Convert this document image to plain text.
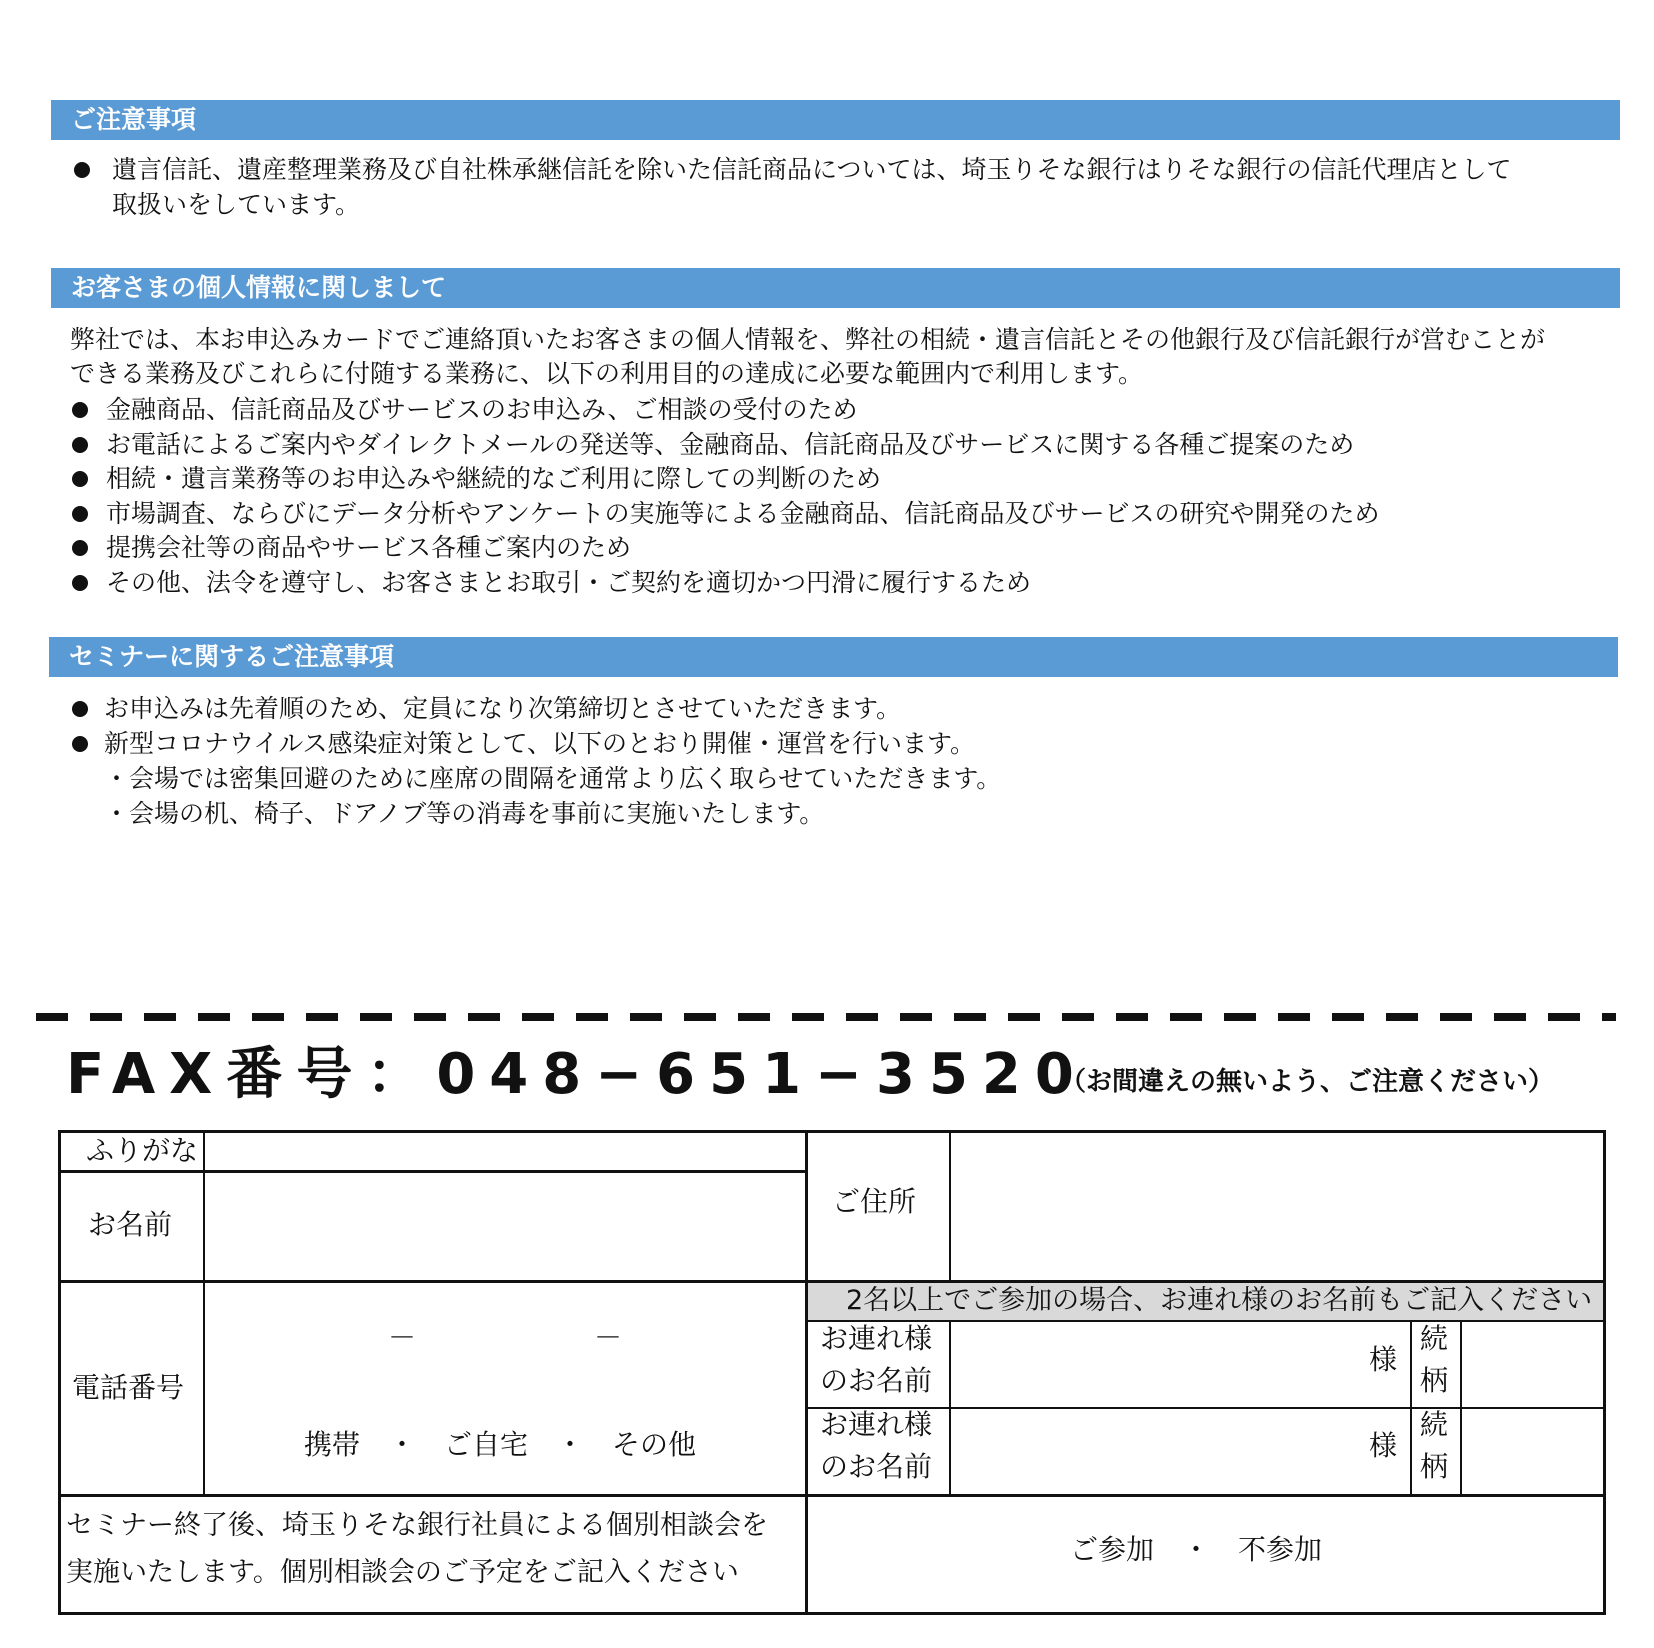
ご注意事項
遺言信託、遺産整理業務及び自社株承継信託を除いた信託商品については、埼玉りそな銀行はりそな銀行の信託代理店として
取扱いをしています。
お客さまの個人情報に関しまして
弊社では、本お申込みカードでご連絡頂いたお客さまの個人情報を、弊社の相続・遺言信託とその他銀行及び信託銀行が営むことが
できる業務及びこれらに付随する業務に、以下の利用目的の達成に必要な範囲内で利用します。
金融商品、信託商品及びサービスのお申込み、ご相談の受付のため
お電話によるご案内やダイレクトメールの発送等、金融商品、信託商品及びサービスに関する各種ご提案のため
相続・遺言業務等のお申込みや継続的なご利用に際しての判断のため
市場調査、ならびにデータ分析やアンケートの実施等による金融商品、信託商品及びサービスの研究や開発のため
提携会社等の商品やサービス各種ご案内のため
その他、法令を遵守し、お客さまとお取引・ご契約を適切かつ円滑に履行するため
セミナーに関するご注意事項
お申込みは先着順のため、定員になり次第締切とさせていただきます。
新型コロナウイルス感染症対策として、以下のとおり開催・運営を行います。
・会場では密集回避のために座席の間隔を通常より広く取らせていただきます。
・会場の机、椅子、ドアノブ等の消毒を事前に実施いたします。
FAX番号：048−651−3520
（お間違えの無いよう、ご注意ください）
2名以上でご参加の場合、お連れ様のお名前もご記入ください
ふりがな
お名前
ご住所
電話番号
－	－
携帯　・　ご自宅　・　その他
お連れ様
のお名前
様
続
柄
お連れ様
のお名前
様
続
柄
セミナー終了後、埼玉りそな銀行社員による個別相談会を
実施いたします。個別相談会のご予定をご記入ください
ご参加　・　不参加
